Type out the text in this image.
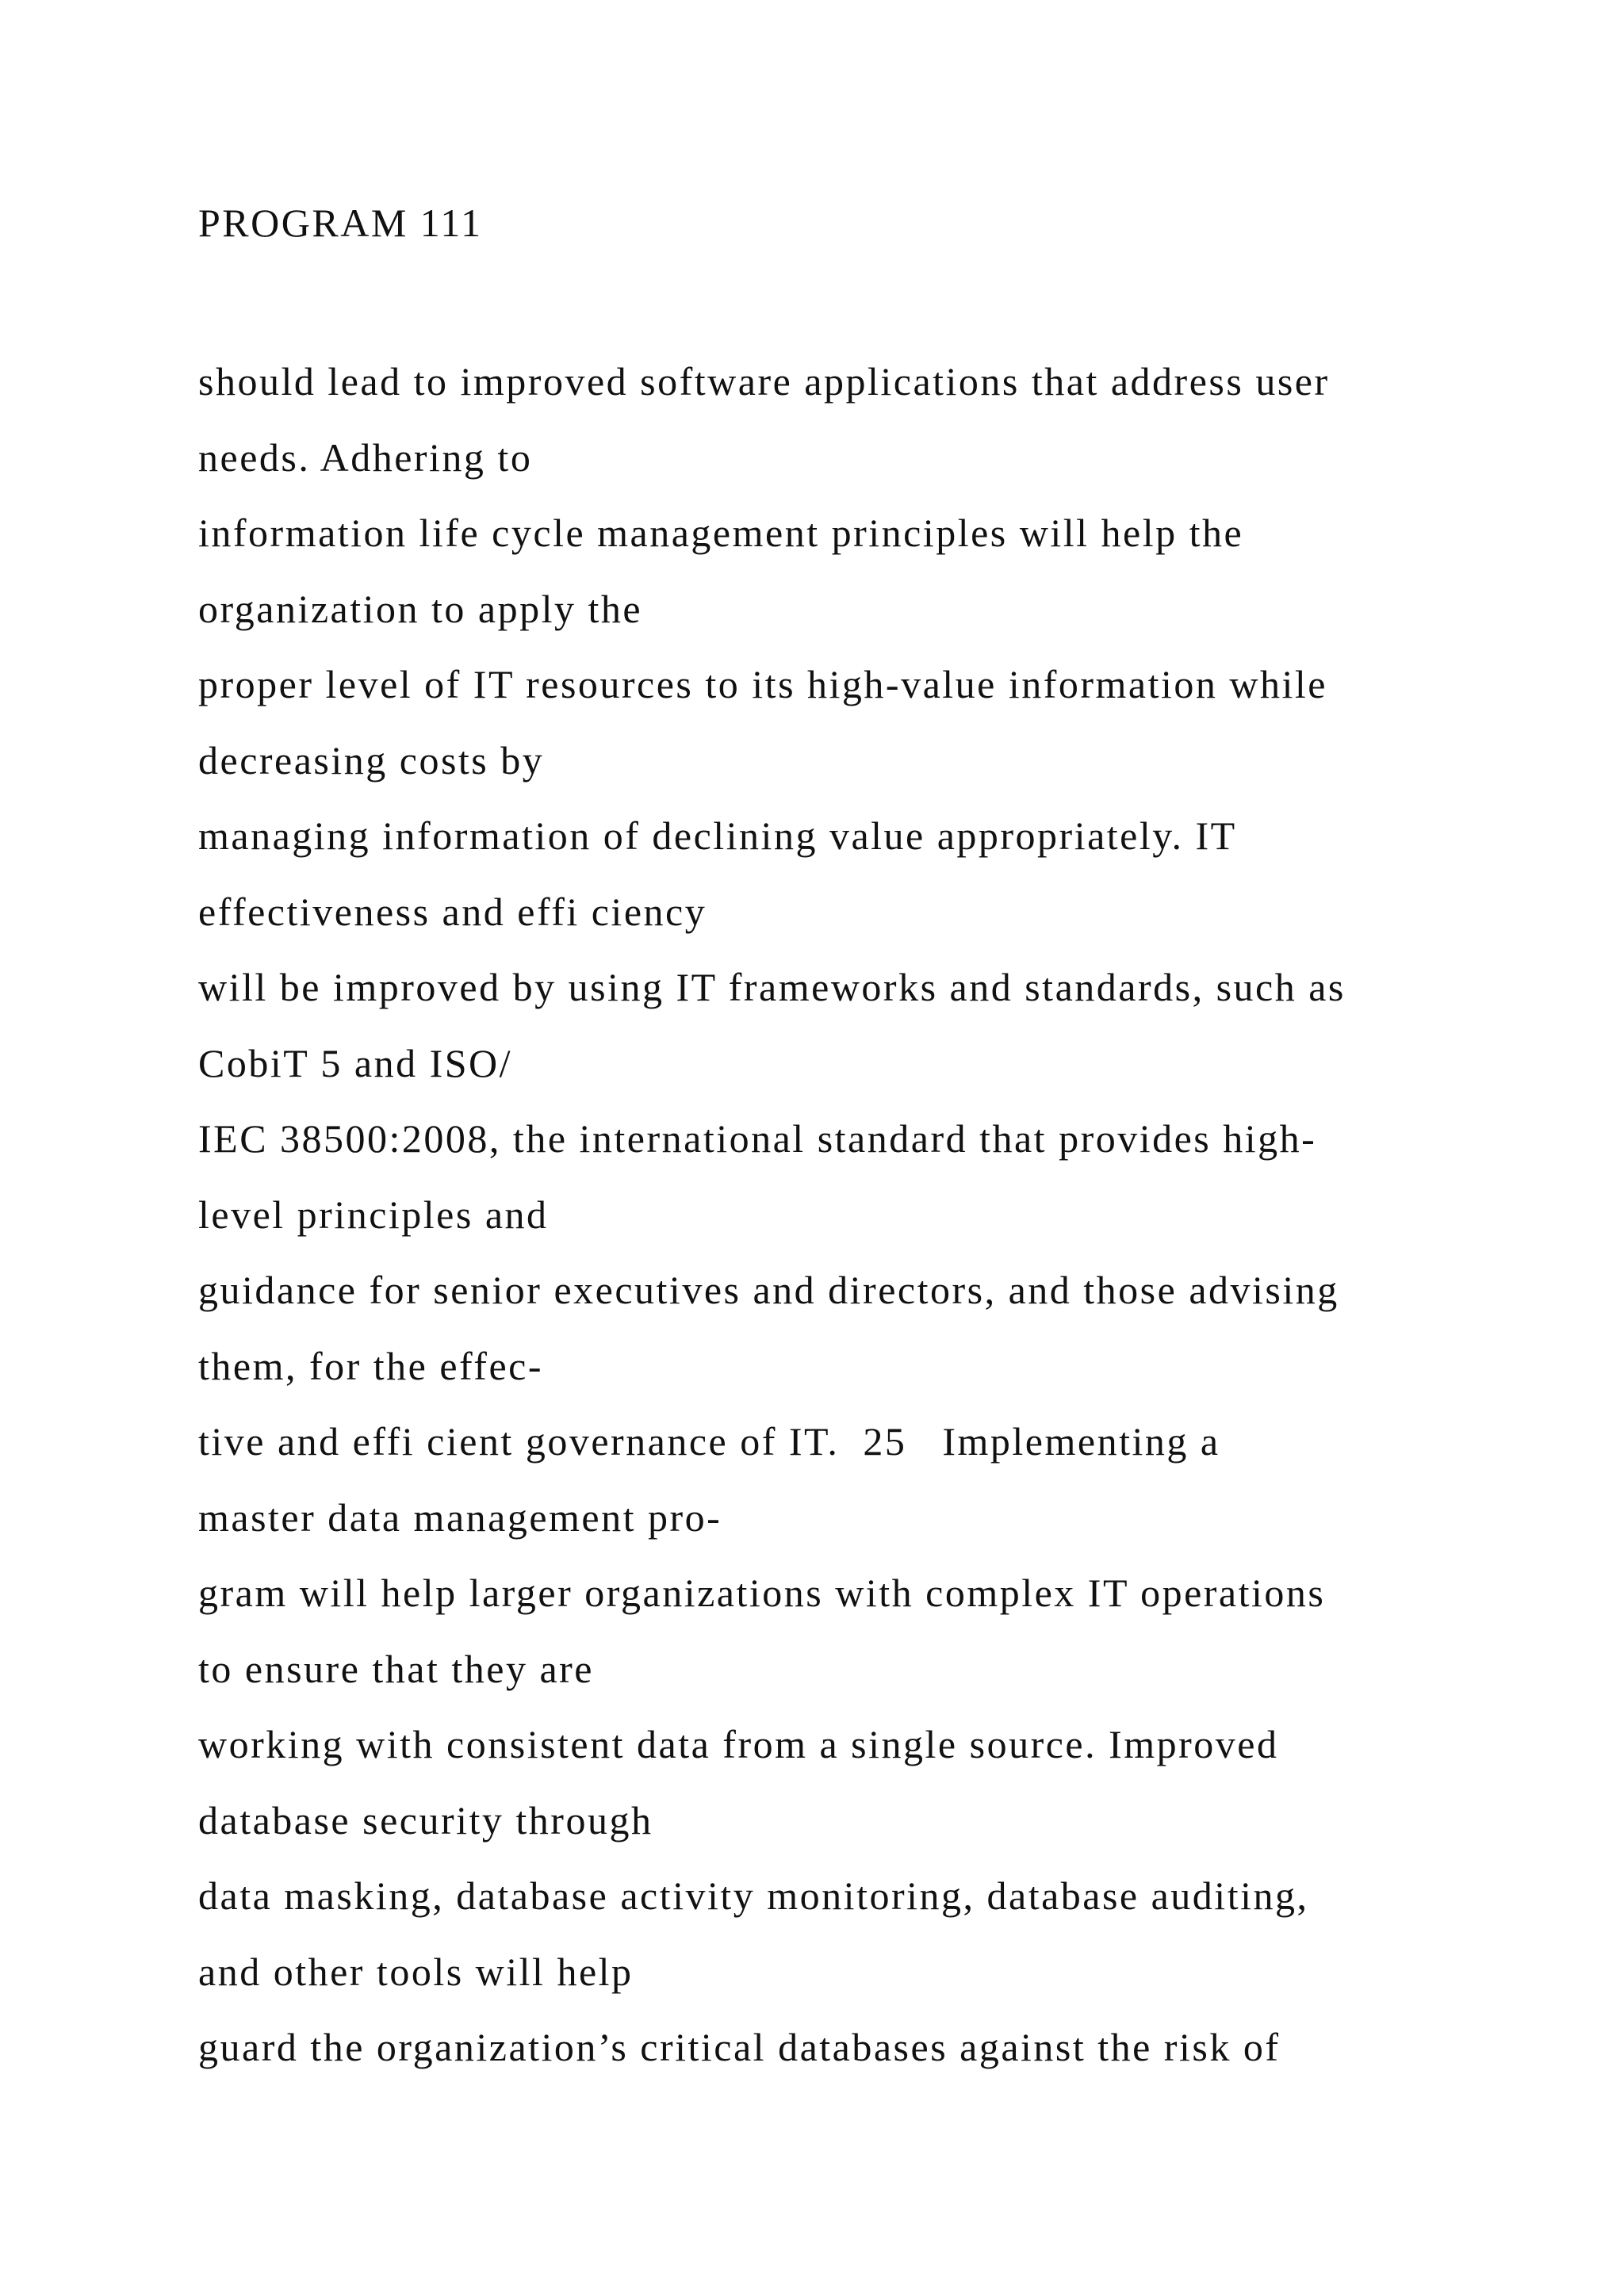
PROGRAM 111
should lead to improved software applications that address user
needs. Adhering to
information life cycle management principles will help the
organization to apply the
proper level of IT resources to its high-value information while
decreasing costs by
managing information of declining value appropriately. IT
effectiveness and effi ciency
will be improved by using IT frameworks and standards, such as
CobiT 5 and ISO/
IEC 38500:2008, the international standard that provides high-
level principles and
guidance for senior executives and directors, and those advising
them, for the effec-
tive and effi cient governance of IT.  25   Implementing a
master data management pro-
gram will help larger organizations with complex IT operations
to ensure that they are
working with consistent data from a single source. Improved
database security through
data masking, database activity monitoring, database auditing,
and other tools will help
guard the organization’s critical databases against the risk of
